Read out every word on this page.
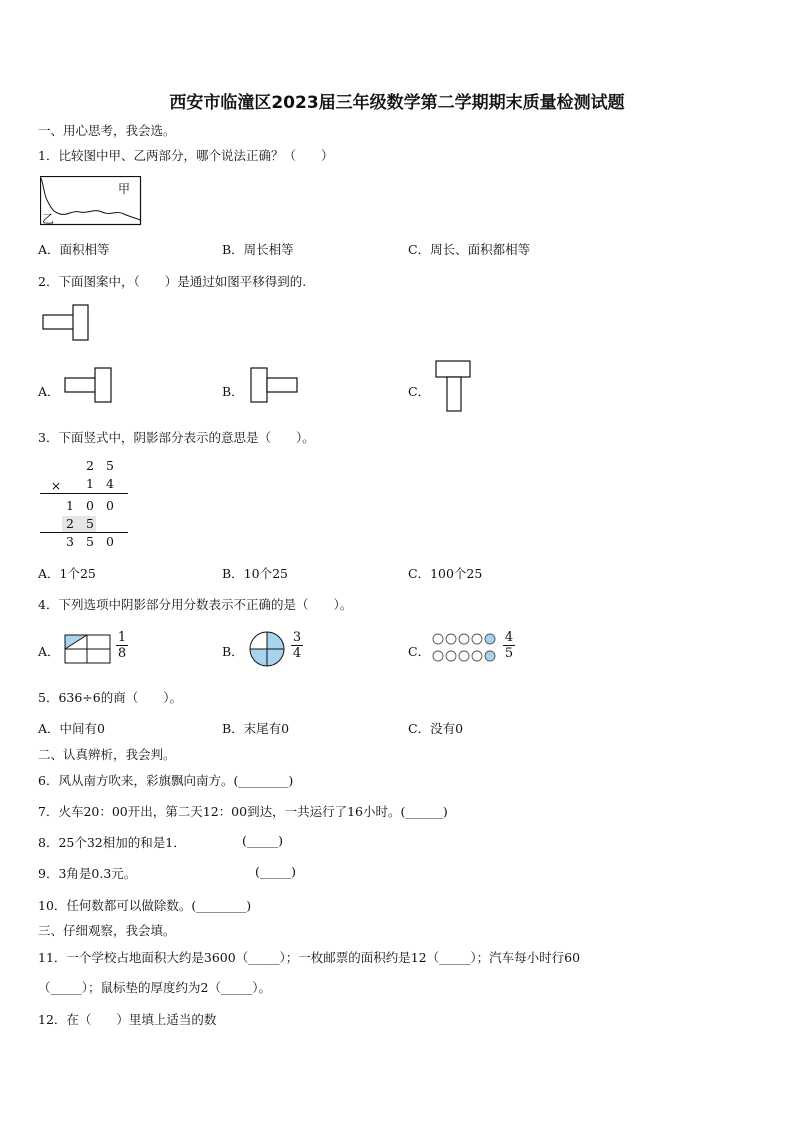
西安市临潼区2023届三年级数学第二学期期末质量检测试题
一、用心思考，我会选。
1．比较图中甲、乙两部分，哪个说法正确？（　　）
甲
乙
A．面积相等	B．周长相等	C．周长、面积都相等
2．下面图案中，（　　）是通过如图平移得到的.
A．	B．	C．
3．下面竖式中，阴影部分表示的意思是（　　）。
2 5
× 1 4
1 0 0
2 5
3 5 0
A．1个25	B．10个25	C．100个25
4．下列选项中阴影部分用分数表示不正确的是（　　）。
A．	$\frac{1}{8}$	B．	$\frac{3}{4}$	C．	$\frac{4}{5}$
5．636÷6的商（　　）。
A．中间有0	B．末尾有0	C．没有0
二、认真辨析，我会判。
6．风从南方吹来，彩旗飘向南方。(________)
7．火车20：00开出，第二天12：00到达，一共运行了16小时。(______)
8．25个32相加的和是1．	(_____)
9．3角是0.3元。	(_____)
10．任何数都可以做除数。(________)
三、仔细观察，我会填。
11．一个学校占地面积大约是3600（_____）；一枚邮票的面积约是12（_____）；汽车每小时行60
（_____）；鼠标垫的厚度约为2（_____）。
12．在（　　）里填上适当的数
